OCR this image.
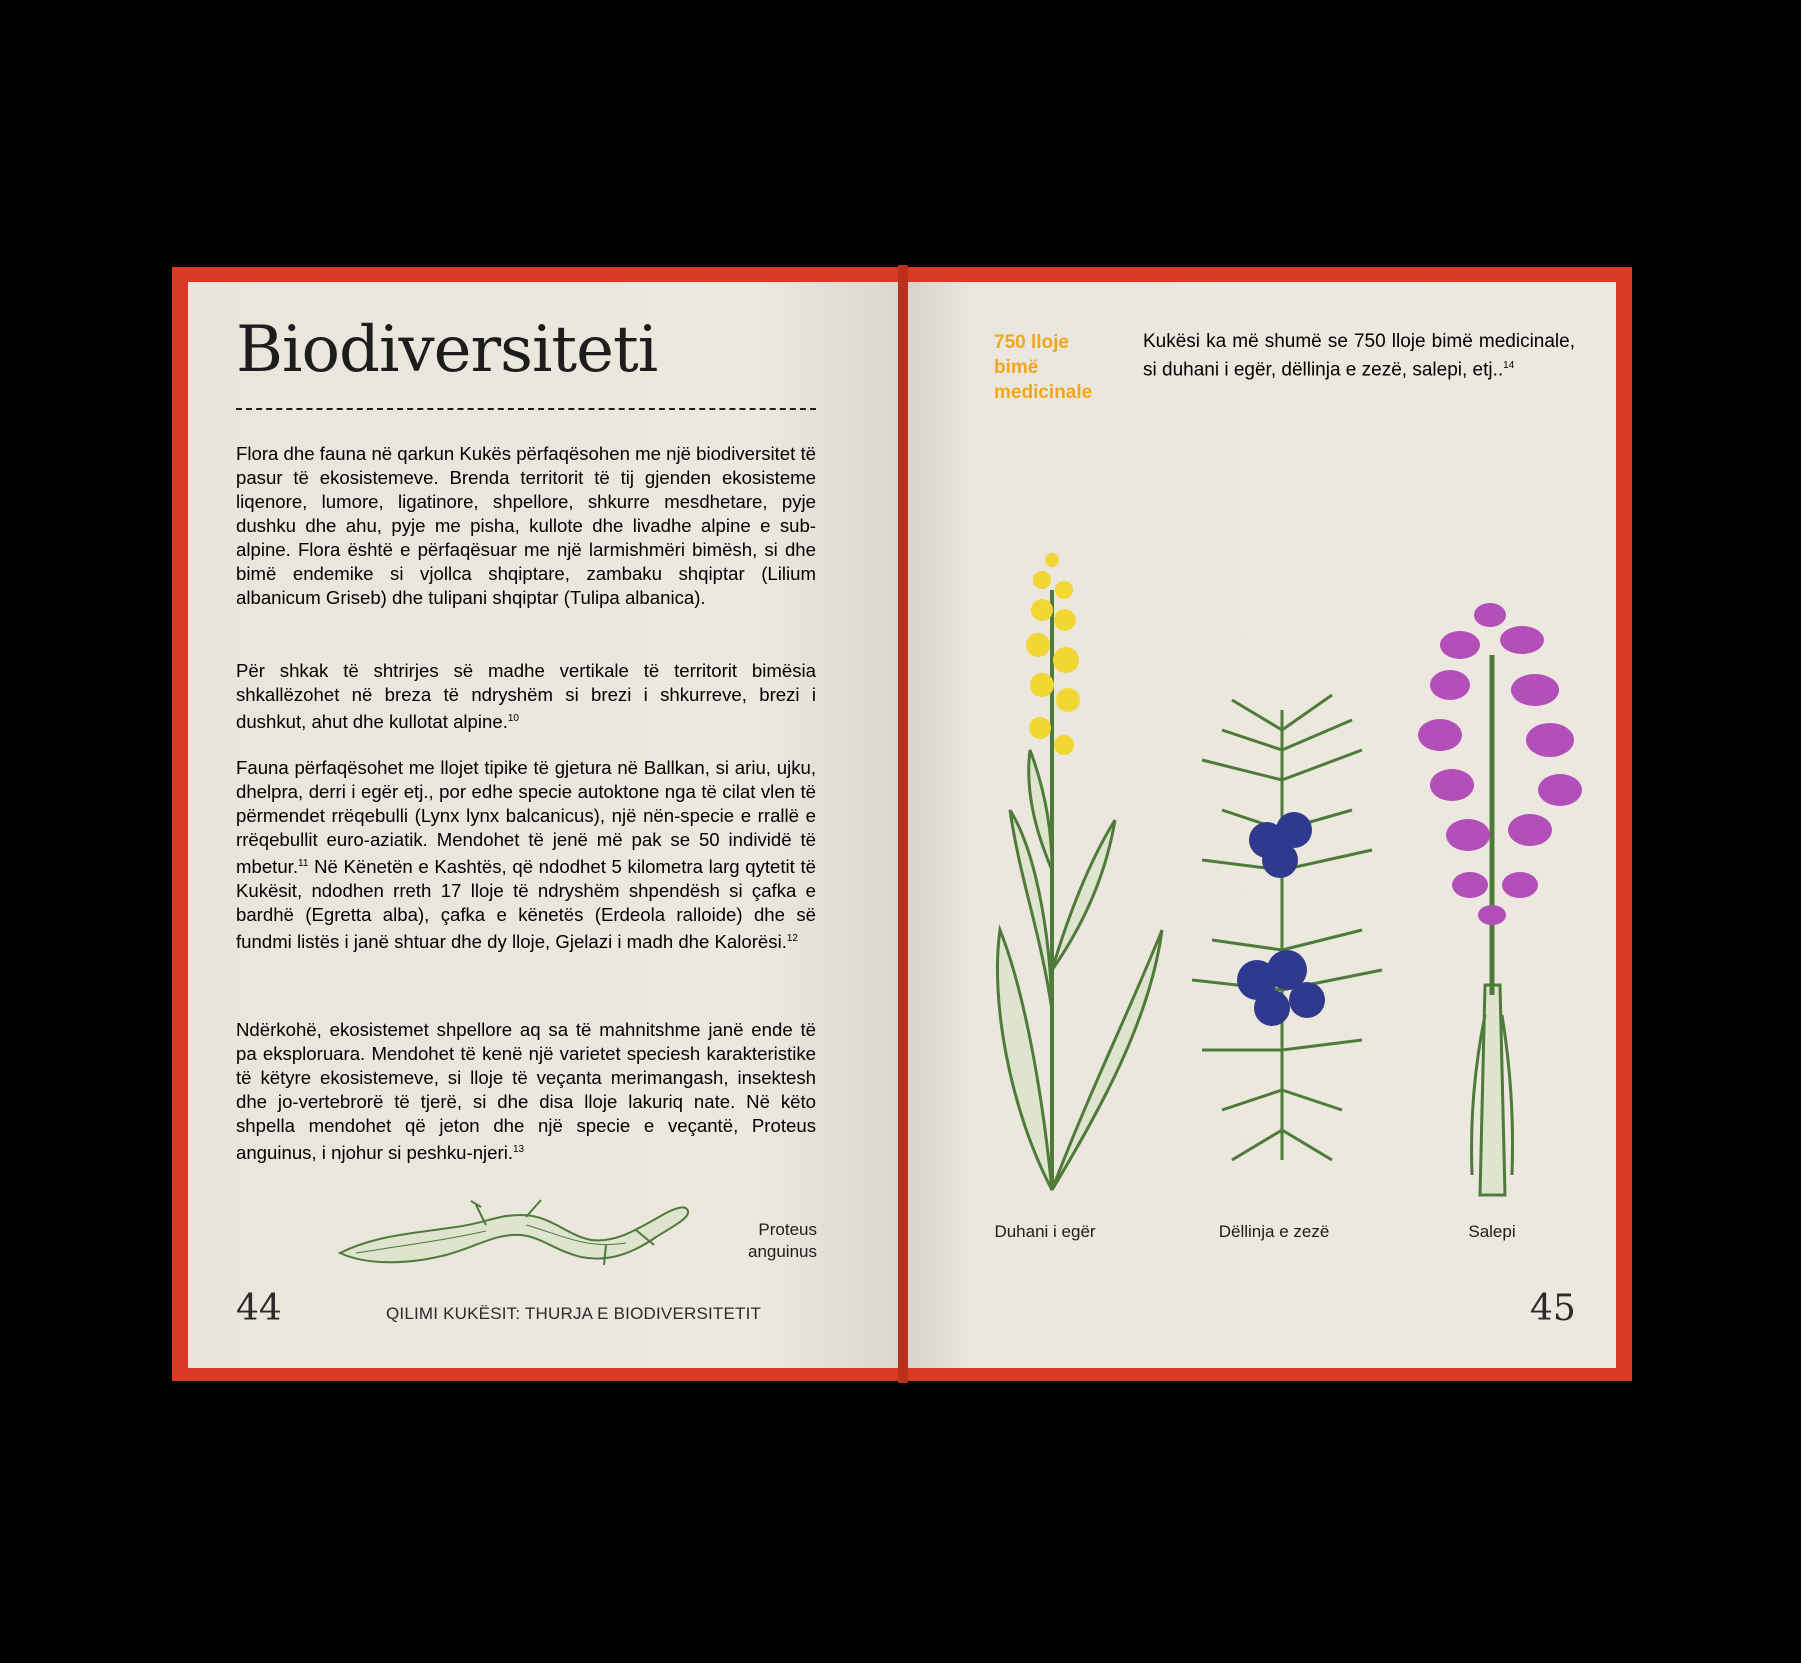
Biodiversiteti

Flora dhe fauna në qarkun Kukës përfaqësohen me një biodiversitet të pasur të ekosistemeve. Brenda territorit të tij gjenden ekosisteme liqenore, lumore, ligatinore, shpellore, shkurre mesdhetare, pyje dushku dhe ahu, pyje me pisha, kullote dhe livadhe alpine e sub-alpine. Flora është e përfaqësuar me një larmishmëri bimësh, si dhe bimë endemike si vjollca shqiptare, zambaku shqiptar (Lilium albanicum Griseb) dhe tulipani shqiptar (Tulipa albanica).

Për shkak të shtrirjes së madhe vertikale të territorit bimësia shkallëzohet në breza të ndryshëm si brezi i shkurreve, brezi i dushkut, ahut dhe kullotat alpine.$^{10}$

Fauna përfaqësohet me llojet tipike të gjetura në Ballkan, si ariu, ujku, dhelpra, derri i egër etj., por edhe specie autoktone nga të cilat vlen të përmendet rrëqebulli (Lynx lynx balcanicus), një nën-specie e rrallë e rrëqebullit euro-aziatik. Mendohet të jenë më pak se 50 individë të mbetur.$^{11}$ Në Kënetën e Kashtës, që ndodhet 5 kilometra larg qytetit të Kukësit, ndodhen rreth 17 lloje të ndryshëm shpendësh si çafka e bardhë (Egretta alba), çafka e kënetës (Erdeola ralloide) dhe së fundmi listës i janë shtuar dhe dy lloje, Gjelazi i madh dhe Kalorësi.$^{12}$

Ndërkohë, ekosistemet shpellore aq sa të mahnitshme janë ende të pa eksploruara. Mendohet të kenë një varietet speciesh karakteristike të këtyre ekosistemeve, si lloje të veçanta merimangash, insektesh dhe jo-vertebrorë të tjerë, si dhe disa lloje lakuriq nate. Në këto shpella mendohet që jeton dhe një specie e veçantë, Proteus anguinus, i njohur si peshku-njeri.$^{13}$

Proteus
anguinus
44	QILIMI KUKËSIT: THURJA E BIODIVERSITETIT
750 lloje bimë medicinale

Kukësi ka më shumë se 750 lloje bimë medicinale, si duhani i egër, dëllinja e zezë, salepi, etj..$^{14}$

Duhani i egër	Dëllinja e zezë	Salepi
45
